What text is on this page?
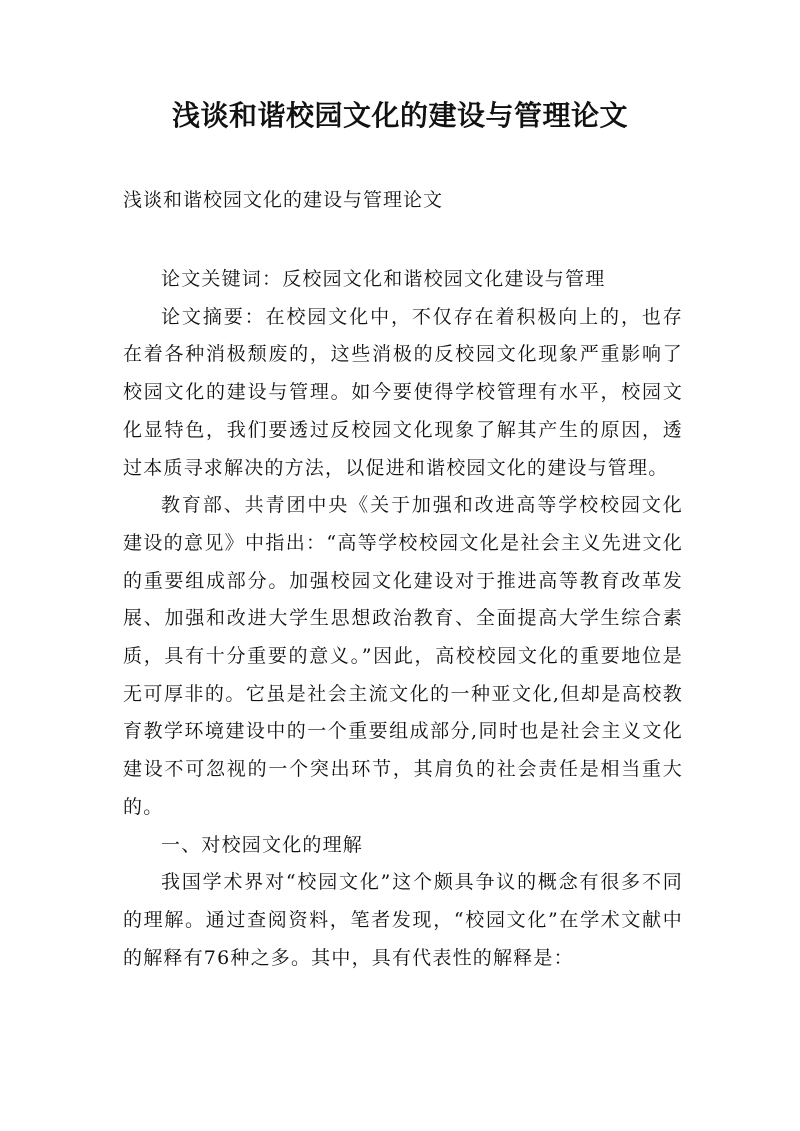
浅谈和谐校园文化的建设与管理论文

浅谈和谐校园文化的建设与管理论文

论文关键词：反校园文化和谐校园文化建设与管理

论文摘要：在校园文化中，不仅存在着积极向上的，也存在着各种消极颓废的，这些消极的反校园文化现象严重影响了校园文化的建设与管理。如今要使得学校管理有水平，校园文化显特色，我们要透过反校园文化现象了解其产生的原因，透过本质寻求解决的方法，以促进和谐校园文化的建设与管理。

教育部、共青团中央《关于加强和改进高等学校校园文化建设的意见》中指出：“高等学校校园文化是社会主义先进文化的重要组成部分。加强校园文化建设对于推进高等教育改革发展、加强和改进大学生思想政治教育、全面提高大学生综合素质，具有十分重要的意义。”因此，高校校园文化的重要地位是无可厚非的。它虽是社会主流文化的一种亚文化,但却是高校教育教学环境建设中的一个重要组成部分,同时也是社会主义文化建设不可忽视的一个突出环节，其肩负的社会责任是相当重大的。

一、对校园文化的理解

我国学术界对“校园文化”这个颇具争议的概念有很多不同的理解。通过查阅资料，笔者发现，“校园文化”在学术文献中的解释有76种之多。其中，具有代表性的解释是：
